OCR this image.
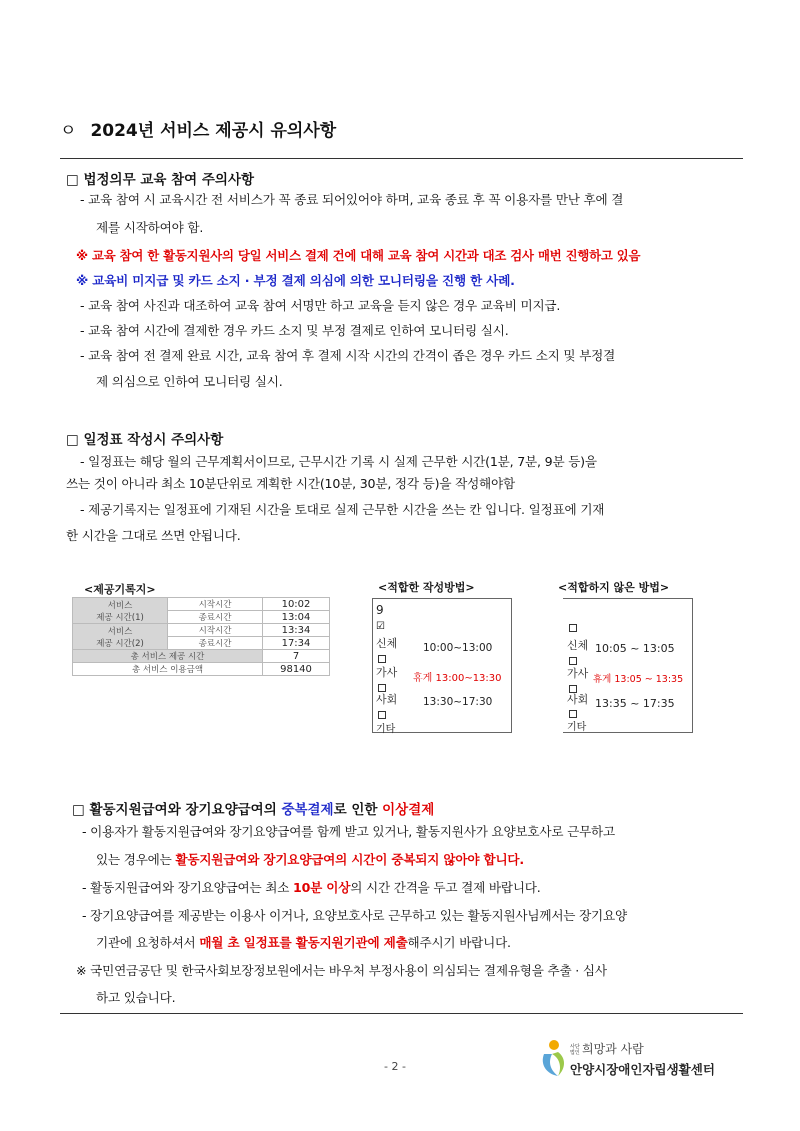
ㅇ 2024년 서비스 제공시 유의사항
□ 법정의무 교육 참여 주의사항
- 교육 참여 시 교육시간 전 서비스가 꼭 종료 되어있어야 하며, 교육 종료 후 꼭 이용자를 만난 후에 결
제를 시작하여야 함.
※ 교육 참여 한 활동지원사의 당일 서비스 결제 건에 대해 교육 참여 시간과 대조 검사 매번 진행하고 있음
※ 교육비 미지급 및 카드 소지 · 부정 결제 의심에 의한 모니터링을 진행 한 사례.
- 교육 참여 사진과 대조하여 교육 참여 서명만 하고 교육을 듣지 않은 경우 교육비 미지급.
- 교육 참여 시간에 결제한 경우 카드 소지 및 부정 결제로 인하여 모니터링 실시.
- 교육 참여 전 결제 완료 시간, 교육 참여 후 결제 시작 시간의 간격이 좁은 경우 카드 소지 및 부정결
제 의심으로 인하여 모니터링 실시.
□ 일정표 작성시 주의사항
- 일정표는 해당 월의 근무계획서이므로, 근무시간 기록 시 실제 근무한 시간(1분, 7분, 9분 등)을
쓰는 것이 아니라 최소 10분단위로 계획한 시간(10분, 30분, 정각 등)을 작성해야함
- 제공기록지는 일정표에 기재된 시간을 토대로 실제 근무한 시간을 쓰는 칸 입니다. 일정표에 기재
한 시간을 그대로 쓰면 안됩니다.
<제공기록지>
서비스
제공 시간(1)	시작시간	10:02
	종료시간	13:04
서비스
제공 시간(2)	시작시간	13:34
	종료시간	17:34
총 서비스 제공 시간		7
총 서비스 이용금액		98140
<적합한 작성방법>
9
☑
신체
가사
사회
기타
10:00~13:00
휴게 13:00~13:30
13:30~17:30
<적합하지 않은 방법>
신체
가사
사회
기타
10:05 ~ 13:05
휴게 13:05 ~ 13:35
13:35 ~ 17:35
□ 활동지원급여와 장기요양급여의 중복결제로 인한 이상결제
- 이용자가 활동지원급여와 장기요양급여를 함께 받고 있거나, 활동지원사가 요양보호사로 근무하고
있는 경우에는 활동지원급여와 장기요양급여의 시간이 중복되지 않아야 합니다.
- 활동지원급여와 장기요양급여는 최소 10분 이상의 시간 간격을 두고 결제 바랍니다.
- 장기요양급여를 제공받는 이용사 이거나, 요양보호사로 근무하고 있는 활동지원사님께서는 장기요양
기관에 요청하셔서 매월 초 일정표를 활동지원기관에 제출해주시기 바랍니다.
※ 국민연금공단 및 한국사회보장정보원에서는 바우처 부정사용이 의심되는 결제유형을 추출 · 심사
하고 있습니다.
- 2 -
사단
법인 희망과 사람
안양시장애인자립생활센터
